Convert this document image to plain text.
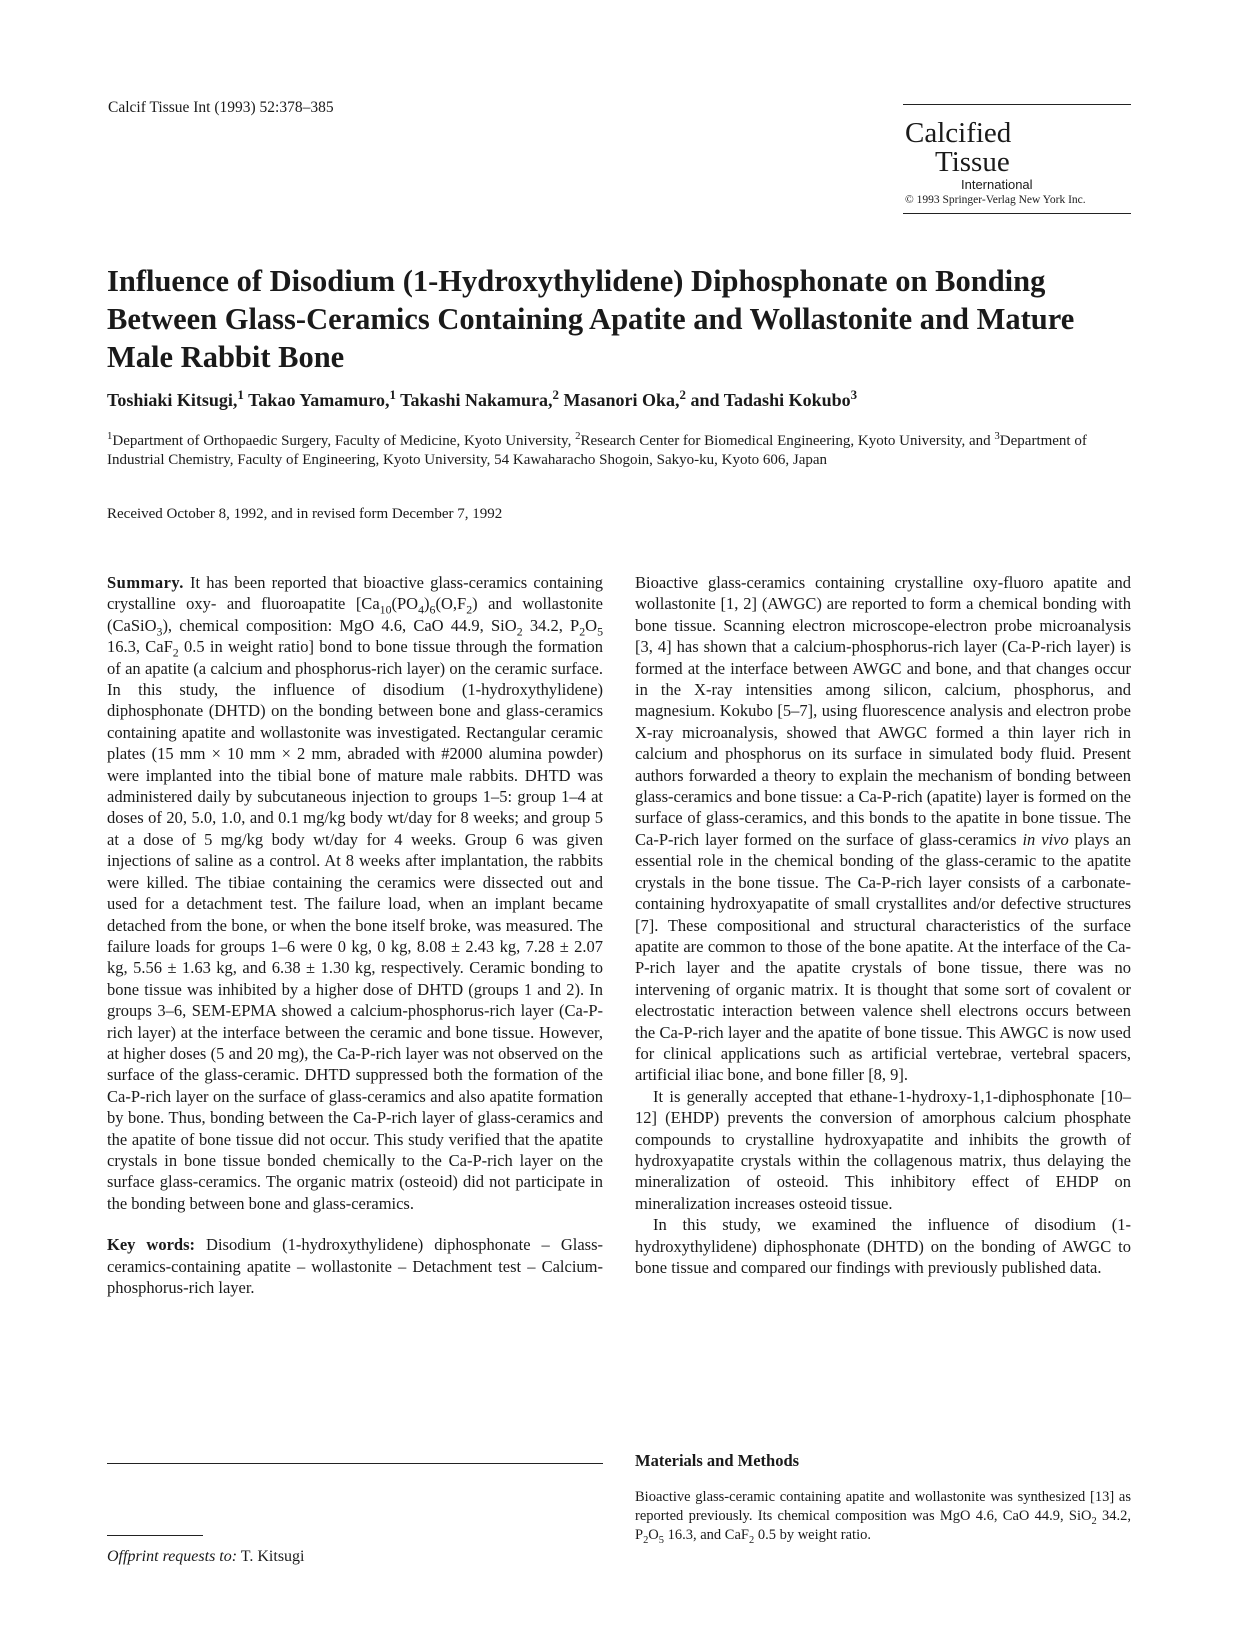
Calcif Tissue Int (1993) 52:378–385
Calcified
Tissue
International
© 1993 Springer-Verlag New York Inc.
Influence of Disodium (1-Hydroxythylidene) Diphosphonate on Bonding Between Glass-Ceramics Containing Apatite and Wollastonite and Mature Male Rabbit Bone
Toshiaki Kitsugi,$^1$ Takao Yamamuro,$^1$ Takashi Nakamura,$^2$ Masanori Oka,$^2$ and Tadashi Kokubo$^3$
$^1$Department of Orthopaedic Surgery, Faculty of Medicine, Kyoto University, $^2$Research Center for Biomedical Engineering, Kyoto University, and $^3$Department of Industrial Chemistry, Faculty of Engineering, Kyoto University, 54 Kawaharacho Shogoin, Sakyo-ku, Kyoto 606, Japan
Received October 8, 1992, and in revised form December 7, 1992

Summary. It has been reported that bioactive glass-ceramics containing crystalline oxy- and fluoroapatite [$Ca_{10}(PO_4)_6(O,F_2)$ and wollastonite (CaSiO$_3$), chemical composition: MgO 4.6, CaO 44.9, SiO$_2$ 34.2, $P_2O_5$ 16.3, CaF$_2$ 0.5 in weight ratio] bond to bone tissue through the formation of an apatite (a calcium and phosphorus-rich layer) on the ceramic surface. In this study, the influence of disodium (1-hydroxythylidene) diphosphonate (DHTD) on the bonding between bone and glass-ceramics containing apatite and wollastonite was investigated. Rectangular ceramic plates (15 mm × 10 mm × 2 mm, abraded with #2000 alumina powder) were implanted into the tibial bone of mature male rabbits. DHTD was administered daily by subcutaneous injection to groups 1–5: group 1–4 at doses of 20, 5.0, 1.0, and 0.1 mg/kg body wt/day for 8 weeks; and group 5 at a dose of 5 mg/kg body wt/day for 4 weeks. Group 6 was given injections of saline as a control. At 8 weeks after implantation, the rabbits were killed. The tibiae containing the ceramics were dissected out and used for a detachment test. The failure load, when an implant became detached from the bone, or when the bone itself broke, was measured. The failure loads for groups 1–6 were 0 kg, 0 kg, 8.08 ± 2.43 kg, 7.28 ± 2.07 kg, 5.56 ± 1.63 kg, and 6.38 ± 1.30 kg, respectively. Ceramic bonding to bone tissue was inhibited by a higher dose of DHTD (groups 1 and 2). In groups 3–6, SEM-EPMA showed a calcium-phosphorus-rich layer (Ca-P-rich layer) at the interface between the ceramic and bone tissue. However, at higher doses (5 and 20 mg), the Ca-P-rich layer was not observed on the surface of the glass-ceramic. DHTD suppressed both the formation of the Ca-P-rich layer on the surface of glass-ceramics and also apatite formation by bone. Thus, bonding between the Ca-P-rich layer of glass-ceramics and the apatite of bone tissue did not occur. This study verified that the apatite crystals in bone tissue bonded chemically to the Ca-P-rich layer on the surface glass-ceramics. The organic matrix (osteoid) did not participate in the bonding between bone and glass-ceramics.

Key words: Disodium (1-hydroxythylidene) diphosphonate – Glass-ceramics-containing apatite – wollastonite – Detachment test – Calcium-phosphorus-rich layer.

Offprint requests to: T. Kitsugi

Bioactive glass-ceramics containing crystalline oxy-fluoro apatite and wollastonite [1, 2] (AWGC) are reported to form a chemical bonding with bone tissue. Scanning electron microscope-electron probe microanalysis [3, 4] has shown that a calcium-phosphorus-rich layer (Ca-P-rich layer) is formed at the interface between AWGC and bone, and that changes occur in the X-ray intensities among silicon, calcium, phosphorus, and magnesium. Kokubo [5–7], using fluorescence analysis and electron probe X-ray microanalysis, showed that AWGC formed a thin layer rich in calcium and phosphorus on its surface in simulated body fluid. Present authors forwarded a theory to explain the mechanism of bonding between glass-ceramics and bone tissue: a Ca-P-rich (apatite) layer is formed on the surface of glass-ceramics, and this bonds to the apatite in bone tissue. The Ca-P-rich layer formed on the surface of glass-ceramics in vivo plays an essential role in the chemical bonding of the glass-ceramic to the apatite crystals in the bone tissue. The Ca-P-rich layer consists of a carbonate-containing hydroxyapatite of small crystallites and/or defective structures [7]. These compositional and structural characteristics of the surface apatite are common to those of the bone apatite. At the interface of the Ca-P-rich layer and the apatite crystals of bone tissue, there was no intervening of organic matrix. It is thought that some sort of covalent or electrostatic interaction between valence shell electrons occurs between the Ca-P-rich layer and the apatite of bone tissue. This AWGC is now used for clinical applications such as artificial vertebrae, vertebral spacers, artificial iliac bone, and bone filler [8, 9].

It is generally accepted that ethane-1-hydroxy-1,1-diphosphonate [10–12] (EHDP) prevents the conversion of amorphous calcium phosphate compounds to crystalline hydroxyapatite and inhibits the growth of hydroxyapatite crystals within the collagenous matrix, thus delaying the mineralization of osteoid. This inhibitory effect of EHDP on mineralization increases osteoid tissue.

In this study, we examined the influence of disodium (1-hydroxythylidene) diphosphonate (DHTD) on the bonding of AWGC to bone tissue and compared our findings with previously published data.

Materials and Methods
Bioactive glass-ceramic containing apatite and wollastonite was synthesized [13] as reported previously. Its chemical composition was MgO 4.6, CaO 44.9, SiO$_2$ 34.2, $P_2O_5$ 16.3, and CaF$_2$ 0.5 by weight ratio.
